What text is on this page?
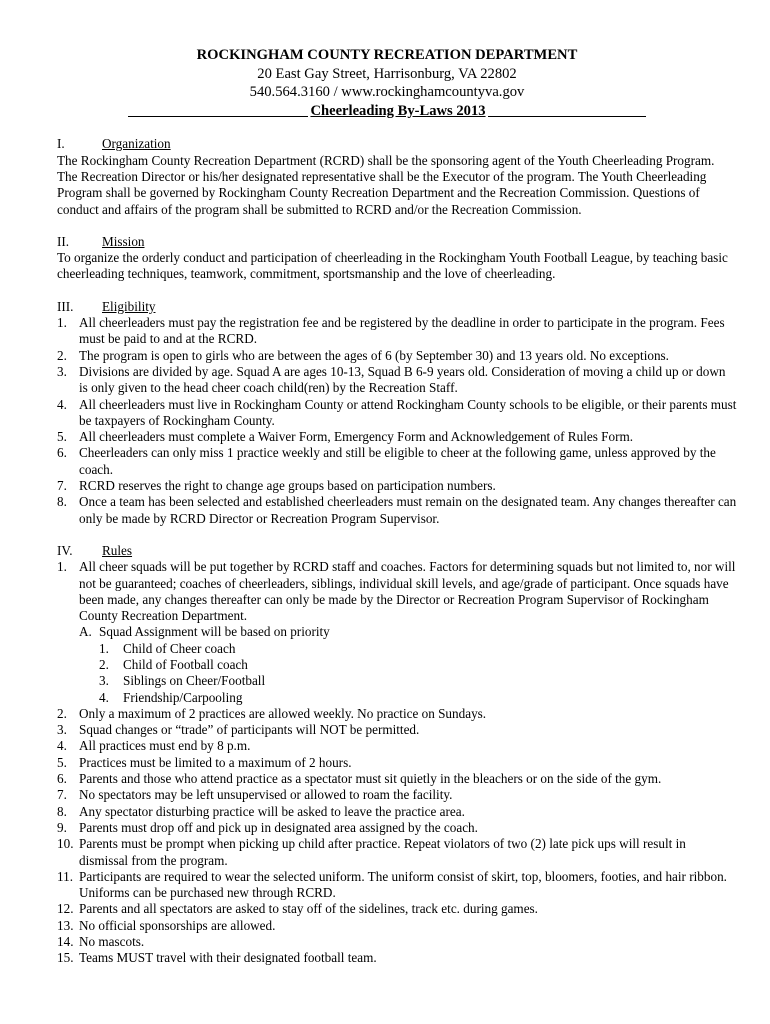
ROCKINGHAM COUNTY RECREATION DEPARTMENT
20 East Gay Street, Harrisonburg, VA 22802
540.564.3160 / www.rockinghamcountyva.gov
Cheerleading By-Laws 2013
I.	Organization

The Rockingham County Recreation Department (RCRD) shall be the sponsoring agent of the Youth Cheerleading Program. The Recreation Director or his/her designated representative shall be the Executor of the program. The Youth Cheerleading Program shall be governed by Rockingham County Recreation Department and the Recreation Commission. Questions of conduct and affairs of the program shall be submitted to RCRD and/or the Recreation Commission.

II.	Mission

To organize the orderly conduct and participation of cheerleading in the Rockingham Youth Football League, by teaching basic cheerleading techniques, teamwork, commitment, sportsmanship and the love of cheerleading.

III.	Eligibility
1. All cheerleaders must pay the registration fee and be registered by the deadline in order to participate in the program. Fees must be paid to and at the RCRD.
2. The program is open to girls who are between the ages of 6 (by September 30) and 13 years old. No exceptions.
3. Divisions are divided by age. Squad A are ages 10-13, Squad B 6-9 years old. Consideration of moving a child up or down is only given to the head cheer coach child(ren) by the Recreation Staff.
4. All cheerleaders must live in Rockingham County or attend Rockingham County schools to be eligible, or their parents must be taxpayers of Rockingham County.
5. All cheerleaders must complete a Waiver Form, Emergency Form and Acknowledgement of Rules Form.
6. Cheerleaders can only miss 1 practice weekly and still be eligible to cheer at the following game, unless approved by the coach.
7. RCRD reserves the right to change age groups based on participation numbers.
8. Once a team has been selected and established cheerleaders must remain on the designated team. Any changes thereafter can only be made by RCRD Director or Recreation Program Supervisor.
IV.	Rules
1. All cheer squads will be put together by RCRD staff and coaches. Factors for determining squads but not limited to, nor will not be guaranteed; coaches of cheerleaders, siblings, individual skill levels, and age/grade of participant. Once squads have been made, any changes thereafter can only be made by the Director or Recreation Program Supervisor of Rockingham County Recreation Department.
A. Squad Assignment will be based on priority
1.	Child of Cheer coach
2.	Child of Football coach
3.	Siblings on Cheer/Football
4.	Friendship/Carpooling
2. Only a maximum of 2 practices are allowed weekly. No practice on Sundays.
3. Squad changes or “trade” of participants will NOT be permitted.
4. All practices must end by 8 p.m.
5. Practices must be limited to a maximum of 2 hours.
6. Parents and those who attend practice as a spectator must sit quietly in the bleachers or on the side of the gym.
7. No spectators may be left unsupervised or allowed to roam the facility.
8. Any spectator disturbing practice will be asked to leave the practice area.
9. Parents must drop off and pick up in designated area assigned by the coach.
10. Parents must be prompt when picking up child after practice. Repeat violators of two (2) late pick ups will result in dismissal from the program.
11. Participants are required to wear the selected uniform. The uniform consist of skirt, top, bloomers, footies, and hair ribbon. Uniforms can be purchased new through RCRD.
12. Parents and all spectators are asked to stay off of the sidelines, track etc. during games.
13. No official sponsorships are allowed.
14. No mascots.
15. Teams MUST travel with their designated football team.
